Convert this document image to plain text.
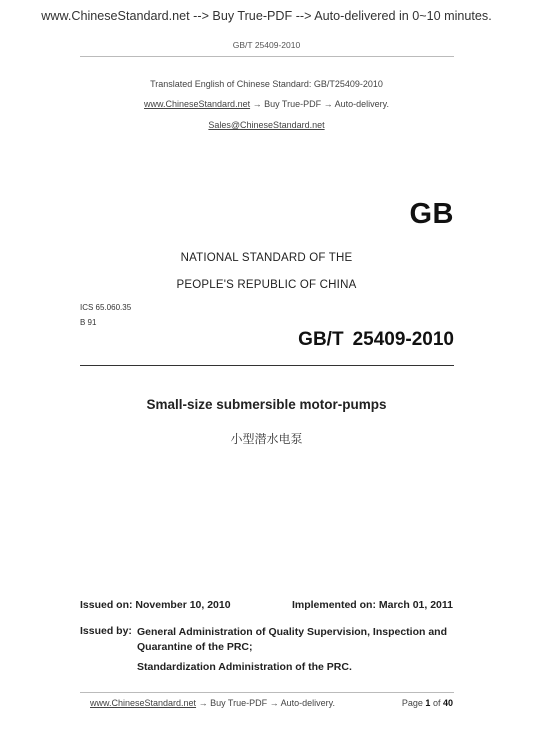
www.ChineseStandard.net --> Buy True-PDF --> Auto-delivered in 0~10 minutes.
GB/T 25409-2010
Translated English of Chinese Standard: GB/T25409-2010
www.ChineseStandard.net → Buy True-PDF → Auto-delivery.
Sales@ChineseStandard.net
GB
NATIONAL STANDARD OF THE
PEOPLE'S REPUBLIC OF CHINA
ICS 65.060.35
B 91
GB/T 25409-2010
Small-size submersible motor-pumps
小型潜水电泵
Issued on: November 10, 2010	Implemented on: March 01, 2011
Issued by: General Administration of Quality Supervision, Inspection and Quarantine of the PRC;
Standardization Administration of the PRC.
www.ChineseStandard.net → Buy True-PDF → Auto-delivery.	Page 1 of 40
